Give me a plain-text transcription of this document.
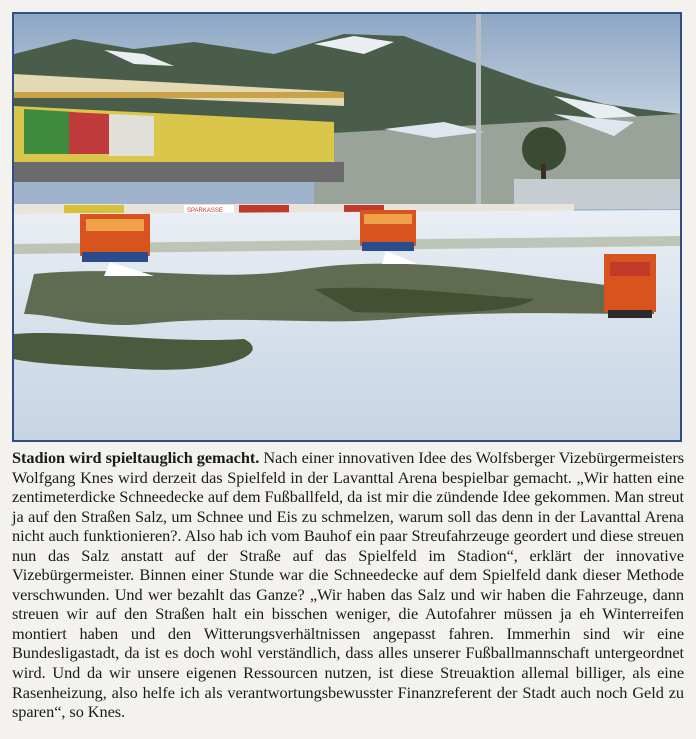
SPARKASSE
Stadion wird spieltauglich gemacht. Nach einer innovativen Idee des Wolfsberger Vizebürgermeisters Wolfgang Knes wird derzeit das Spielfeld in der Lavanttal Arena bespielbar gemacht. „Wir hatten eine zentimeterdicke Schneedecke auf dem Fußballfeld, da ist mir die zündende Idee gekommen. Man streut ja auf den Straßen Salz, um Schnee und Eis zu schmelzen, warum soll das denn in der Lavanttal Arena nicht auch funktionieren?. Also hab ich vom Bauhof ein paar Streufahrzeuge geordert und diese streuen nun das Salz anstatt auf der Straße auf das Spielfeld im Stadion“, erklärt der innovative Vizebürgermeister. Binnen einer Stunde war die Schneedecke auf dem Spielfeld dank dieser Methode verschwunden. Und wer bezahlt das Ganze? „Wir haben das Salz und wir haben die Fahrzeuge, dann streuen wir auf den Straßen halt ein bisschen weniger, die Autofahrer müssen ja eh Winterreifen montiert haben und den Witterungsverhältnissen angepasst fahren. Immerhin sind wir eine Bundesligastadt, da ist es doch wohl verständlich, dass alles unserer Fußballmannschaft untergeordnet wird. Und da wir unsere eigenen Ressourcen nutzen, ist diese Streuaktion allemal billiger, als eine Rasenheizung, also helfe ich als verantwortungsbewusster Finanzreferent der Stadt auch noch Geld zu sparen“, so Knes.
